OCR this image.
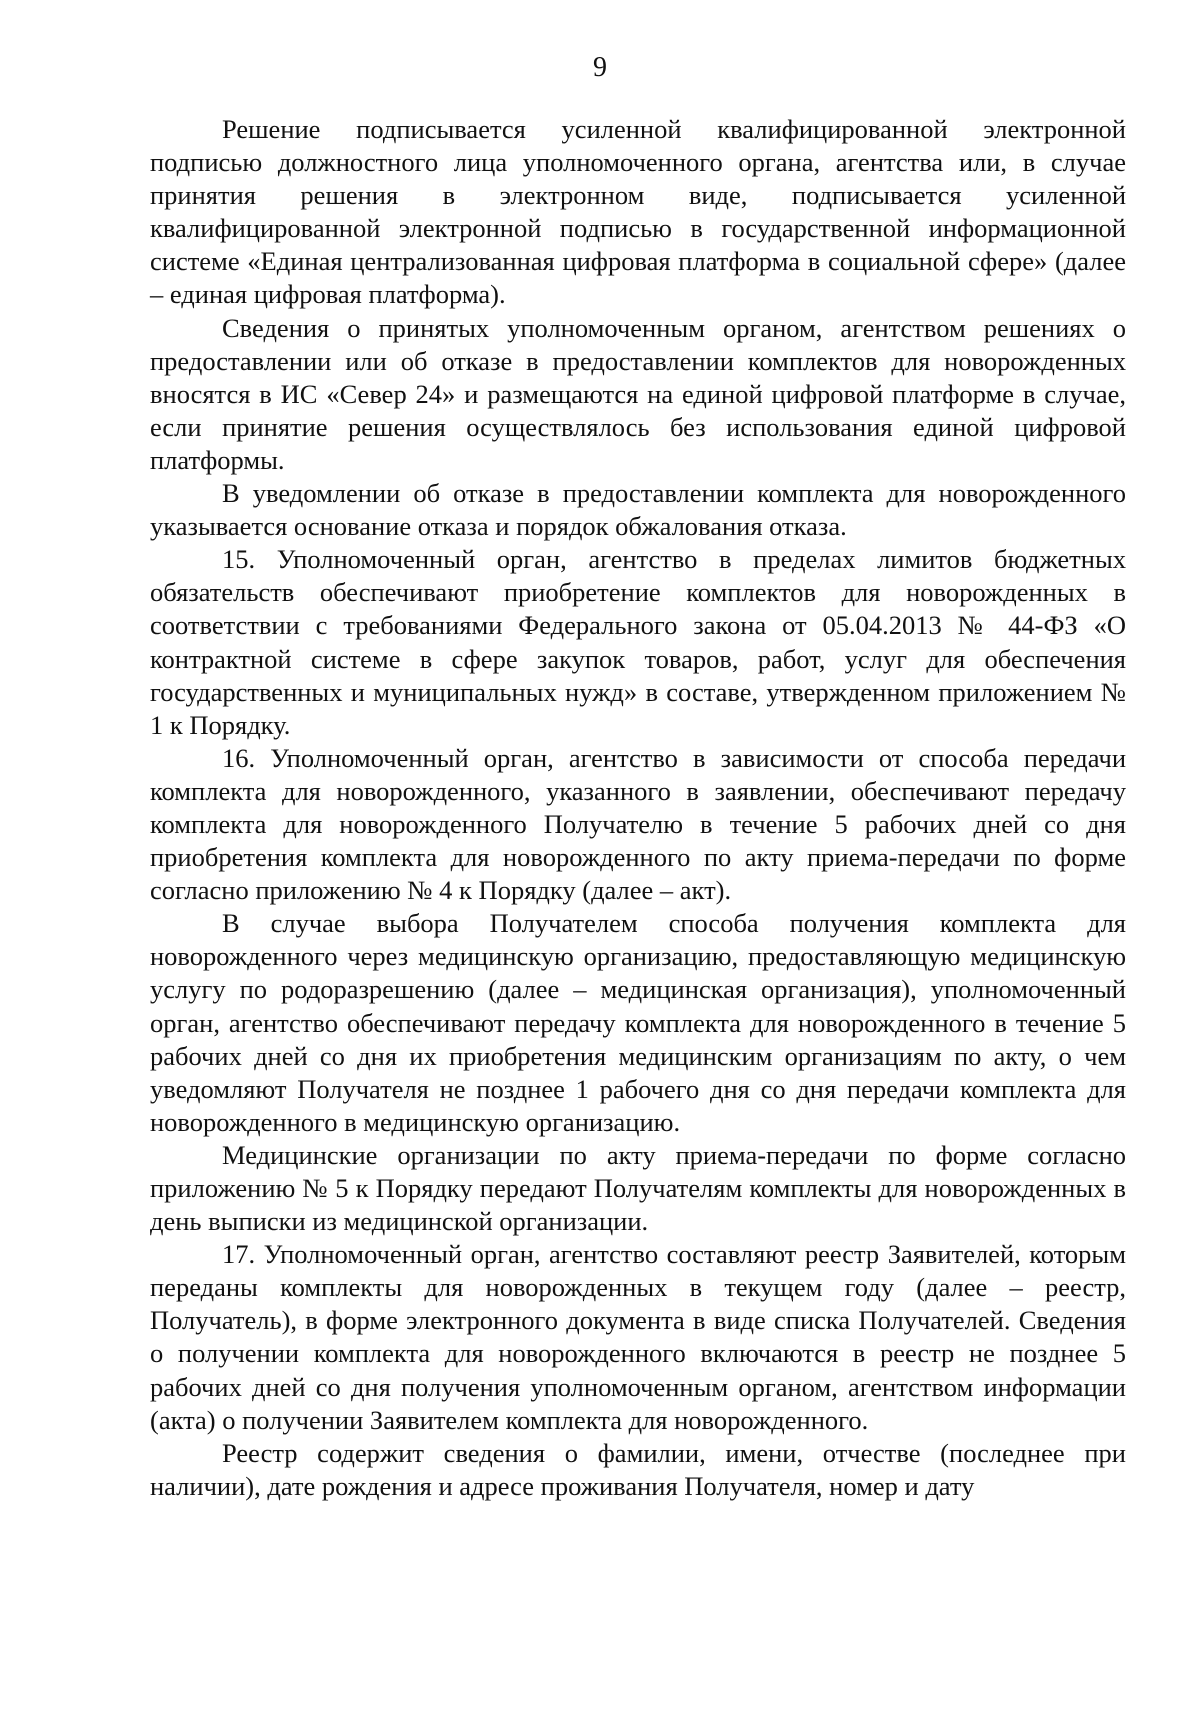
9

Решение подписывается усиленной квалифицированной электронной подписью должностного лица уполномоченного органа, агентства или, в случае принятия решения в электронном виде, подписывается усиленной квалифицированной электронной подписью в государственной информационной системе «Единая централизованная цифровая платформа в социальной сфере» (далее – единая цифровая платформа).

Сведения о принятых уполномоченным органом, агентством решениях о предоставлении или об отказе в предоставлении комплектов для новорожденных вносятся в ИС «Север 24» и размещаются на единой цифровой платформе в случае, если принятие решения осуществлялось без использования единой цифровой платформы.

В уведомлении об отказе в предоставлении комплекта для новорожденного указывается основание отказа и порядок обжалования отказа.

15. Уполномоченный орган, агентство в пределах лимитов бюджетных обязательств обеспечивают приобретение комплектов для новорожденных в соответствии с требованиями Федерального закона от 05.04.2013 № 44-ФЗ «О контрактной системе в сфере закупок товаров, работ, услуг для обеспечения государственных и муниципальных нужд» в составе, утвержденном приложением № 1 к Порядку.

16. Уполномоченный орган, агентство в зависимости от способа передачи комплекта для новорожденного, указанного в заявлении, обеспечивают передачу комплекта для новорожденного Получателю в течение 5 рабочих дней со дня приобретения комплекта для новорожденного по акту приема-передачи по форме согласно приложению № 4 к Порядку (далее – акт).

В случае выбора Получателем способа получения комплекта для новорожденного через медицинскую организацию, предоставляющую медицинскую услугу по родоразрешению (далее – медицинская организация), уполномоченный орган, агентство обеспечивают передачу комплекта для новорожденного в течение 5 рабочих дней со дня их приобретения медицинским организациям по акту, о чем уведомляют Получателя не позднее 1 рабочего дня со дня передачи комплекта для новорожденного в медицинскую организацию.

Медицинские организации по акту приема-передачи по форме согласно приложению № 5 к Порядку передают Получателям комплекты для новорожденных в день выписки из медицинской организации.

17. Уполномоченный орган, агентство составляют реестр Заявителей, которым переданы комплекты для новорожденных в текущем году (далее – реестр, Получатель), в форме электронного документа в виде списка Получателей. Сведения о получении комплекта для новорожденного включаются в реестр не позднее 5 рабочих дней со дня получения уполномоченным органом, агентством информации (акта) о получении Заявителем комплекта для новорожденного.

Реестр содержит сведения о фамилии, имени, отчестве (последнее при наличии), дате рождения и адресе проживания Получателя, номер и дату
